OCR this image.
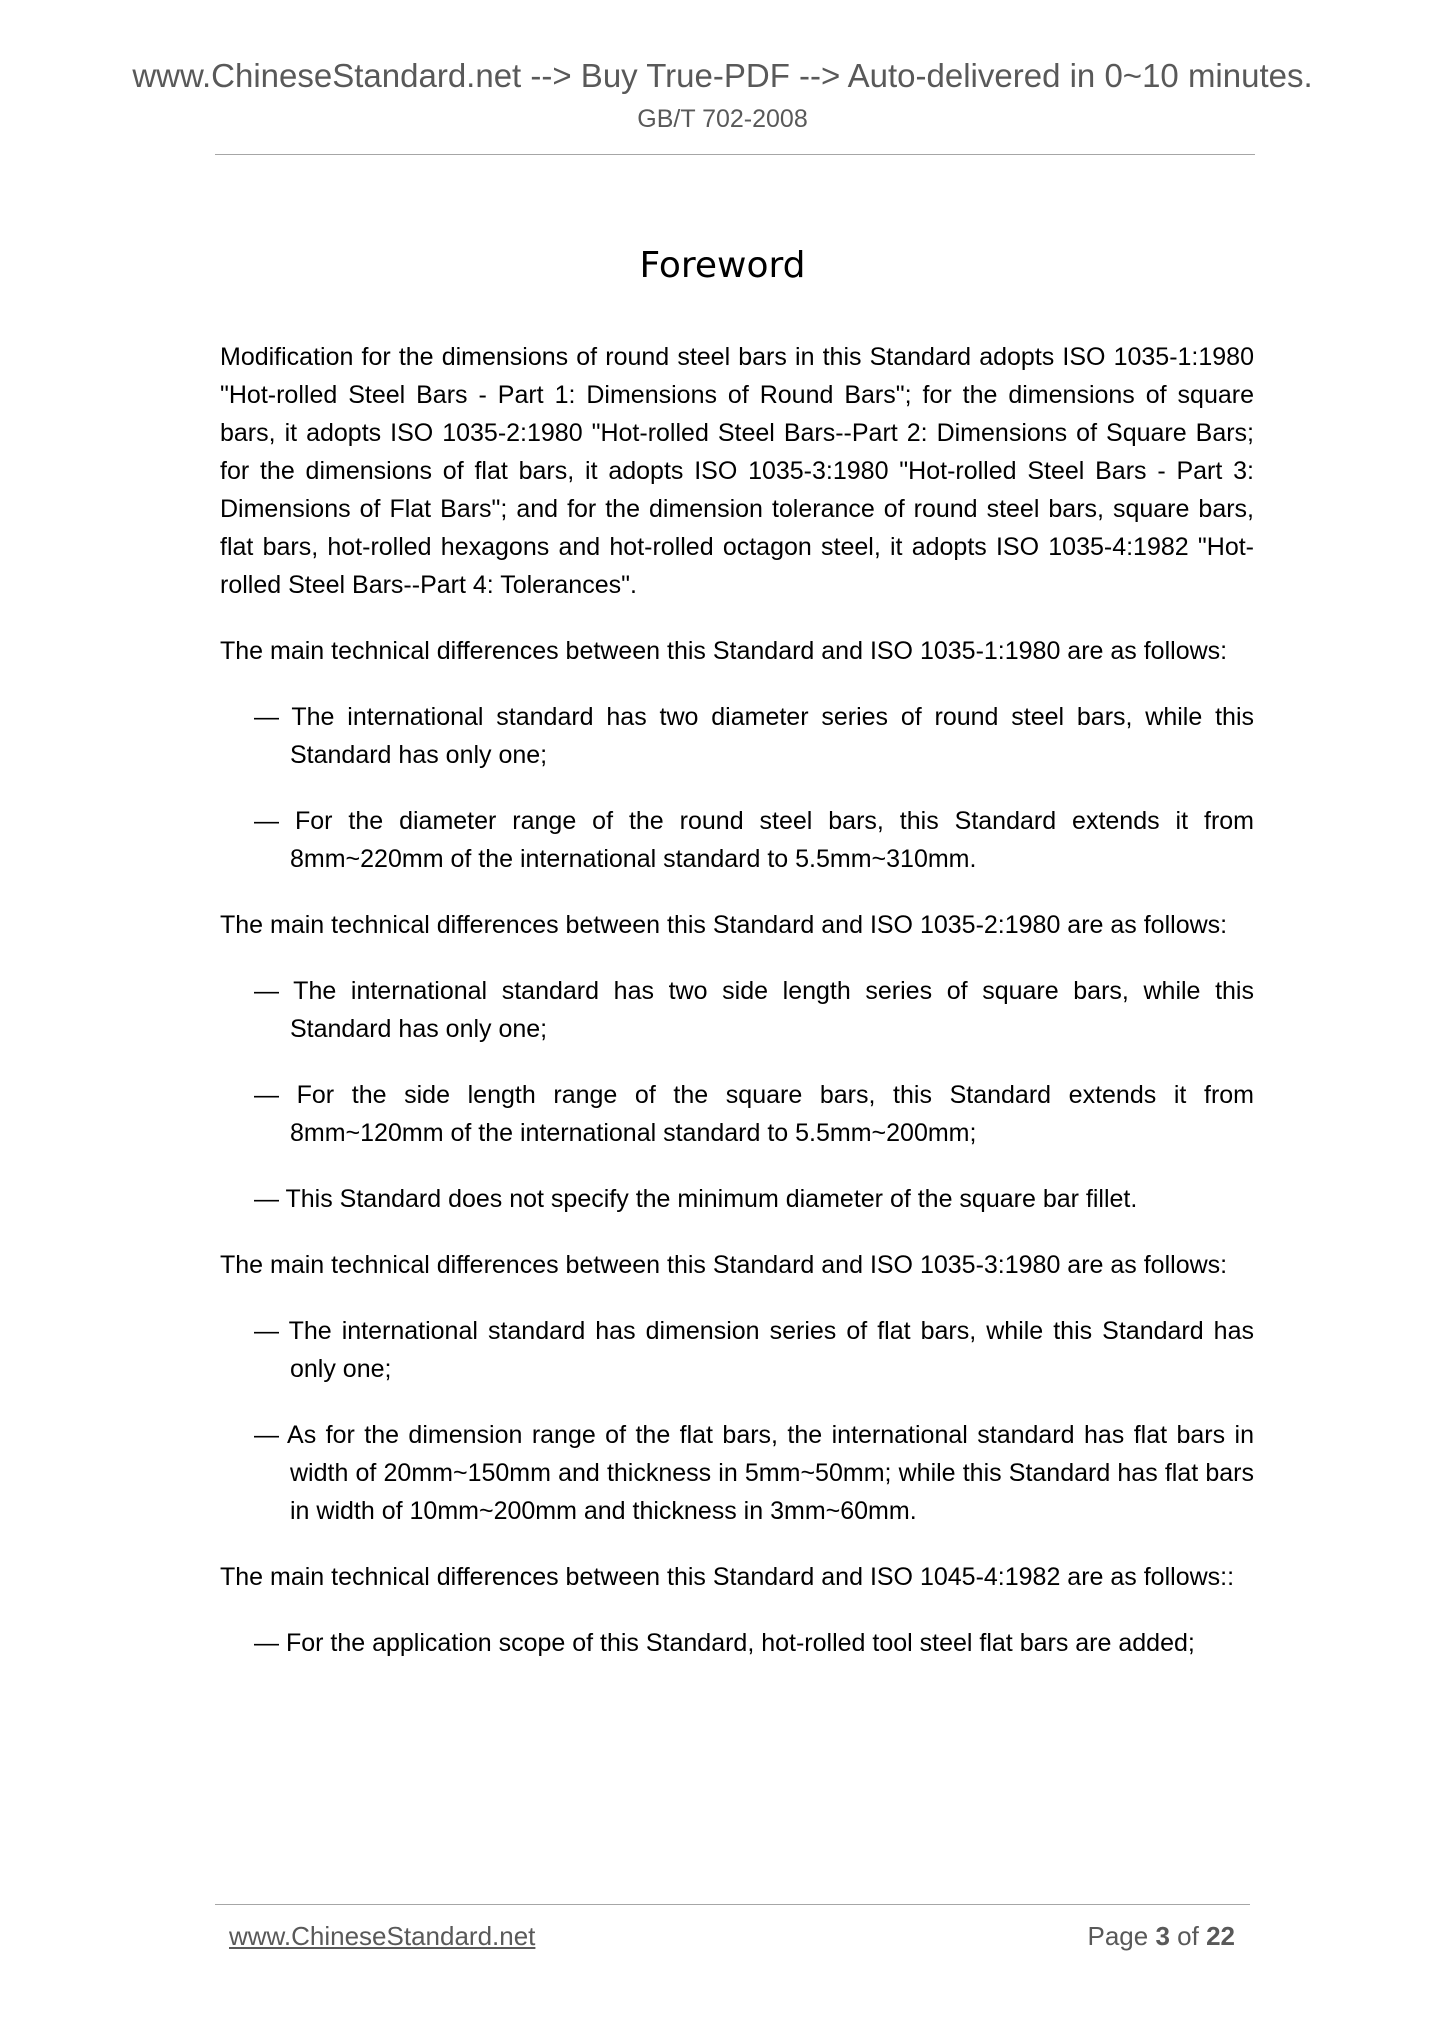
www.ChineseStandard.net --> Buy True-PDF --> Auto-delivered in 0~10 minutes.
GB/T 702-2008
Foreword

Modification for the dimensions of round steel bars in this Standard adopts ISO 1035-1:1980 "Hot-rolled Steel Bars - Part 1: Dimensions of Round Bars"; for the dimensions of square bars, it adopts ISO 1035-2:1980 "Hot-rolled Steel Bars--Part 2: Dimensions of Square Bars; for the dimensions of flat bars, it adopts ISO 1035-3:1980 "Hot-rolled Steel Bars - Part 3: Dimensions of Flat Bars"; and for the dimension tolerance of round steel bars, square bars, flat bars, hot-rolled hexagons and hot-rolled octagon steel, it adopts ISO 1035-4:1982 "Hot-rolled Steel Bars--Part 4: Tolerances".

The main technical differences between this Standard and ISO 1035-1:1980 are as follows:

— The international standard has two diameter series of round steel bars, while this Standard has only one;

— For the diameter range of the round steel bars, this Standard extends it from 8mm~220mm of the international standard to 5.5mm~310mm.

The main technical differences between this Standard and ISO 1035-2:1980 are as follows:

— The international standard has two side length series of square bars, while this Standard has only one;

— For the side length range of the square bars, this Standard extends it from 8mm~120mm of the international standard to 5.5mm~200mm;

— This Standard does not specify the minimum diameter of the square bar fillet.

The main technical differences between this Standard and ISO 1035-3:1980 are as follows:

— The international standard has dimension series of flat bars, while this Standard has only one;

— As for the dimension range of the flat bars, the international standard has flat bars in width of 20mm~150mm and thickness in 5mm~50mm; while this Standard has flat bars in width of 10mm~200mm and thickness in 3mm~60mm.

The main technical differences between this Standard and ISO 1045-4:1982 are as follows::

— For the application scope of this Standard, hot-rolled tool steel flat bars are added;

www.ChineseStandard.net	Page 3 of 22
